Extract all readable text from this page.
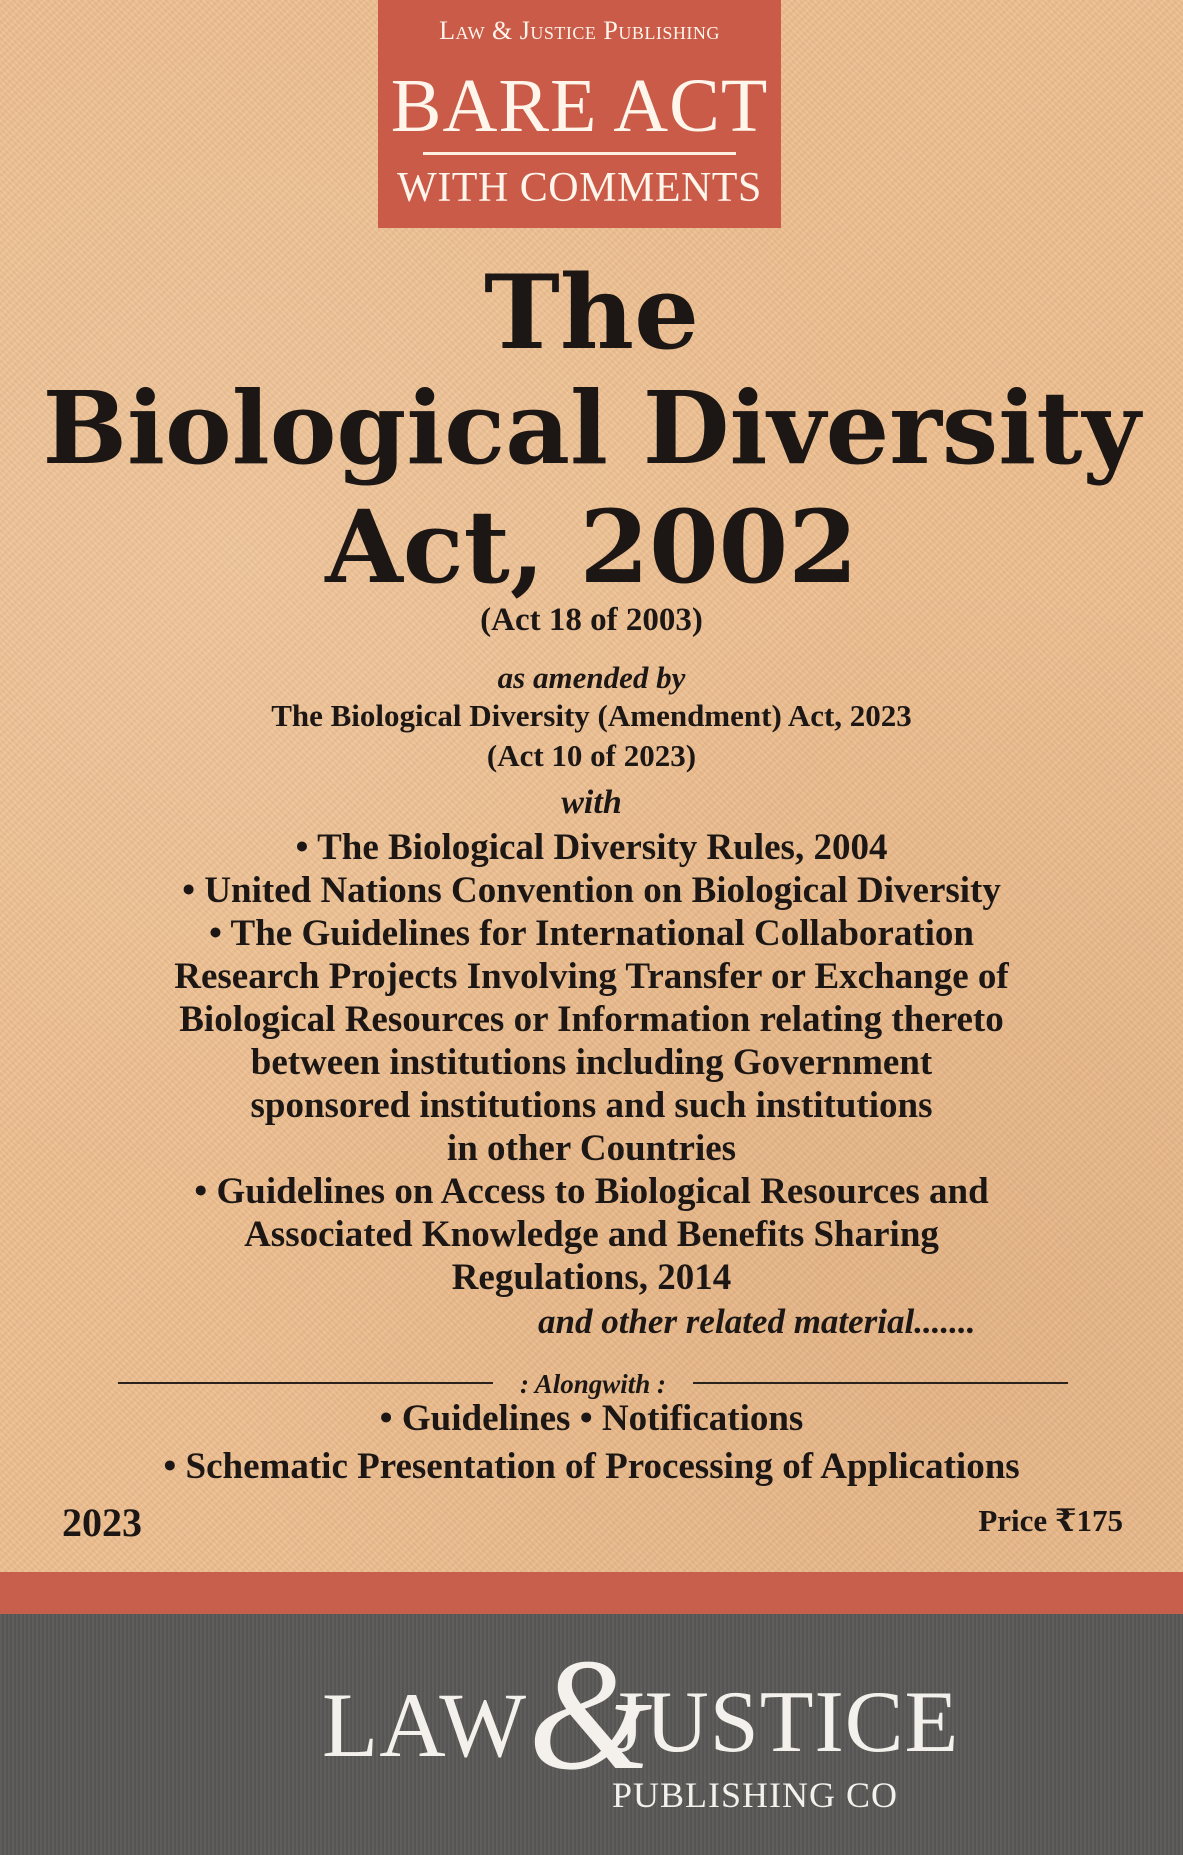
Law & Justice Publishing
BARE ACT
WITH COMMENTS
The
Biological Diversity
Act, 2002
(Act 18 of 2003)
as amended by
The Biological Diversity (Amendment) Act, 2023
(Act 10 of 2023)
with
• The Biological Diversity Rules, 2004
• United Nations Convention on Biological Diversity
• The Guidelines for International Collaboration
Research Projects Involving Transfer or Exchange of
Biological Resources or Information relating thereto
between institutions including Government
sponsored institutions and such institutions
in other Countries
• Guidelines on Access to Biological Resources and
Associated Knowledge and Benefits Sharing
Regulations, 2014
and other related material.......
: Alongwith :
• Guidelines • Notifications
• Schematic Presentation of Processing of Applications
2023	Price ₹175
LAW &
JUSTICE
PUBLISHING CO
